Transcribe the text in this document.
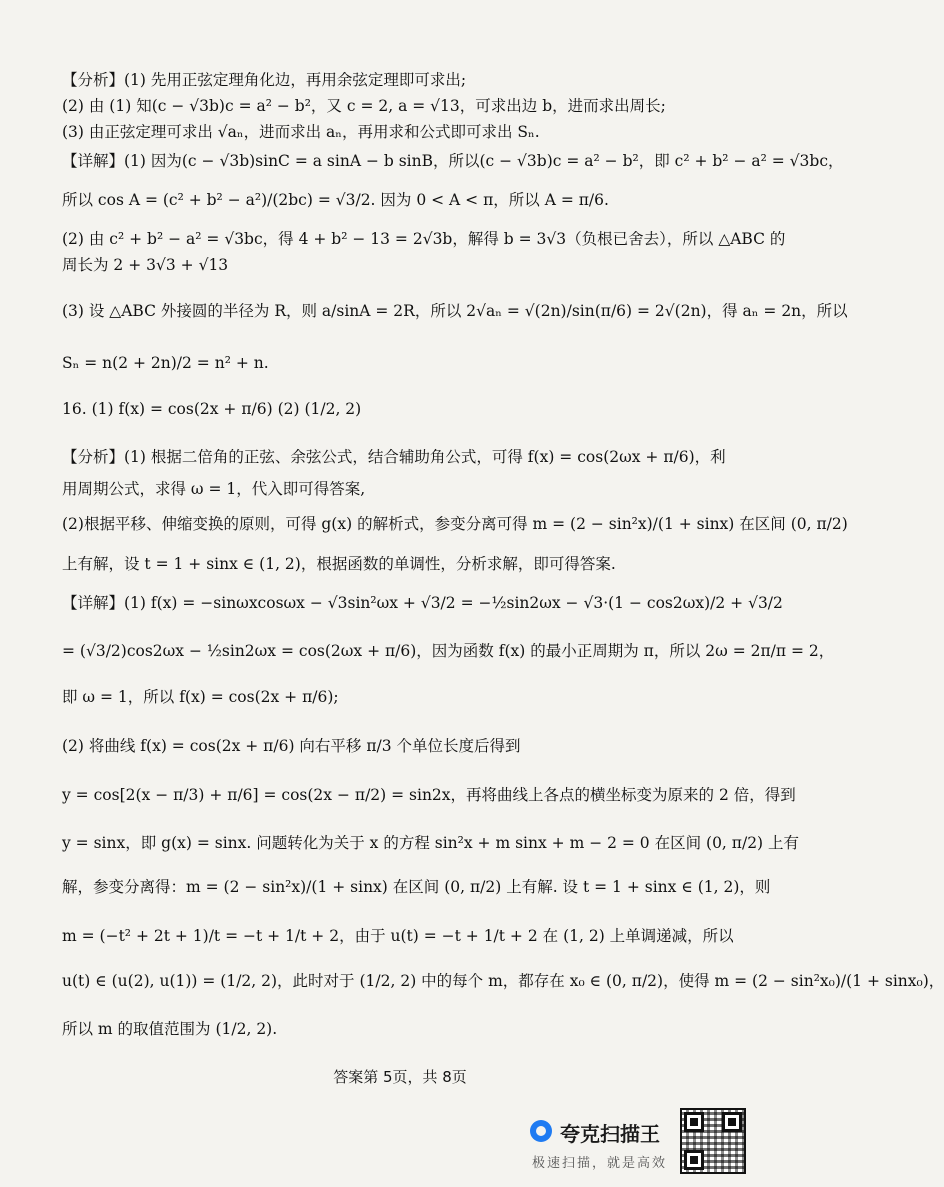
【分析】(1) 先用正弦定理角化边，再用余弦定理即可求出;
(2) 由 (1) 知(c − √3b)c = a² − b²，又 c = 2, a = √13，可求出边 b，进而求出周长;
(3) 由正弦定理可求出 √aₙ，进而求出 aₙ，再用求和公式即可求出 Sₙ.
【详解】(1) 因为(c − √3b)sinC = a sinA − b sinB，所以(c − √3b)c = a² − b²，即 c² + b² − a² = √3bc，
所以 cos A = (c² + b² − a²)/(2bc) = √3/2. 因为 0 < A < π，所以 A = π/6.
(2) 由 c² + b² − a² = √3bc，得 4 + b² − 13 = 2√3b，解得 b = 3√3（负根已舍去），所以 △ABC 的
周长为 2 + 3√3 + √13
(3) 设 △ABC 外接圆的半径为 R，则 a/sinA = 2R，所以 2√aₙ = √(2n)/sin(π/6) = 2√(2n)，得 aₙ = 2n，所以
Sₙ = n(2 + 2n)/2 = n² + n.
16. (1) f(x) = cos(2x + π/6) (2) (1/2, 2)
【分析】(1) 根据二倍角的正弦、余弦公式，结合辅助角公式，可得 f(x) = cos(2ωx + π/6)，利
用周期公式，求得 ω = 1，代入即可得答案,
(2)根据平移、伸缩变换的原则，可得 g(x) 的解析式，参变分离可得 m = (2 − sin²x)/(1 + sinx) 在区间 (0, π/2)
上有解，设 t = 1 + sinx ∈ (1, 2)，根据函数的单调性，分析求解，即可得答案.
【详解】(1) f(x) = −sinωxcosωx − √3sin²ωx + √3/2 = −½sin2ωx − √3·(1 − cos2ωx)/2 + √3/2
= (√3/2)cos2ωx − ½sin2ωx = cos(2ωx + π/6)，因为函数 f(x) 的最小正周期为 π，所以 2ω = 2π/π = 2，
即 ω = 1，所以 f(x) = cos(2x + π/6);
(2) 将曲线 f(x) = cos(2x + π/6) 向右平移 π/3 个单位长度后得到
y = cos[2(x − π/3) + π/6] = cos(2x − π/2) = sin2x，再将曲线上各点的横坐标变为原来的 2 倍，得到
y = sinx，即 g(x) = sinx. 问题转化为关于 x 的方程 sin²x + m sinx + m − 2 = 0 在区间 (0, π/2) 上有
解，参变分离得：m = (2 − sin²x)/(1 + sinx) 在区间 (0, π/2) 上有解. 设 t = 1 + sinx ∈ (1, 2)，则
m = (−t² + 2t + 1)/t = −t + 1/t + 2，由于 u(t) = −t + 1/t + 2 在 (1, 2) 上单调递减，所以
u(t) ∈ (u(2), u(1)) = (1/2, 2)，此时对于 (1/2, 2) 中的每个 m，都存在 x₀ ∈ (0, π/2)，使得 m = (2 − sin²x₀)/(1 + sinx₀)，
所以 m 的取值范围为 (1/2, 2).
答案第 5页，共 8页
夸克扫描王
极速扫描，就是高效
